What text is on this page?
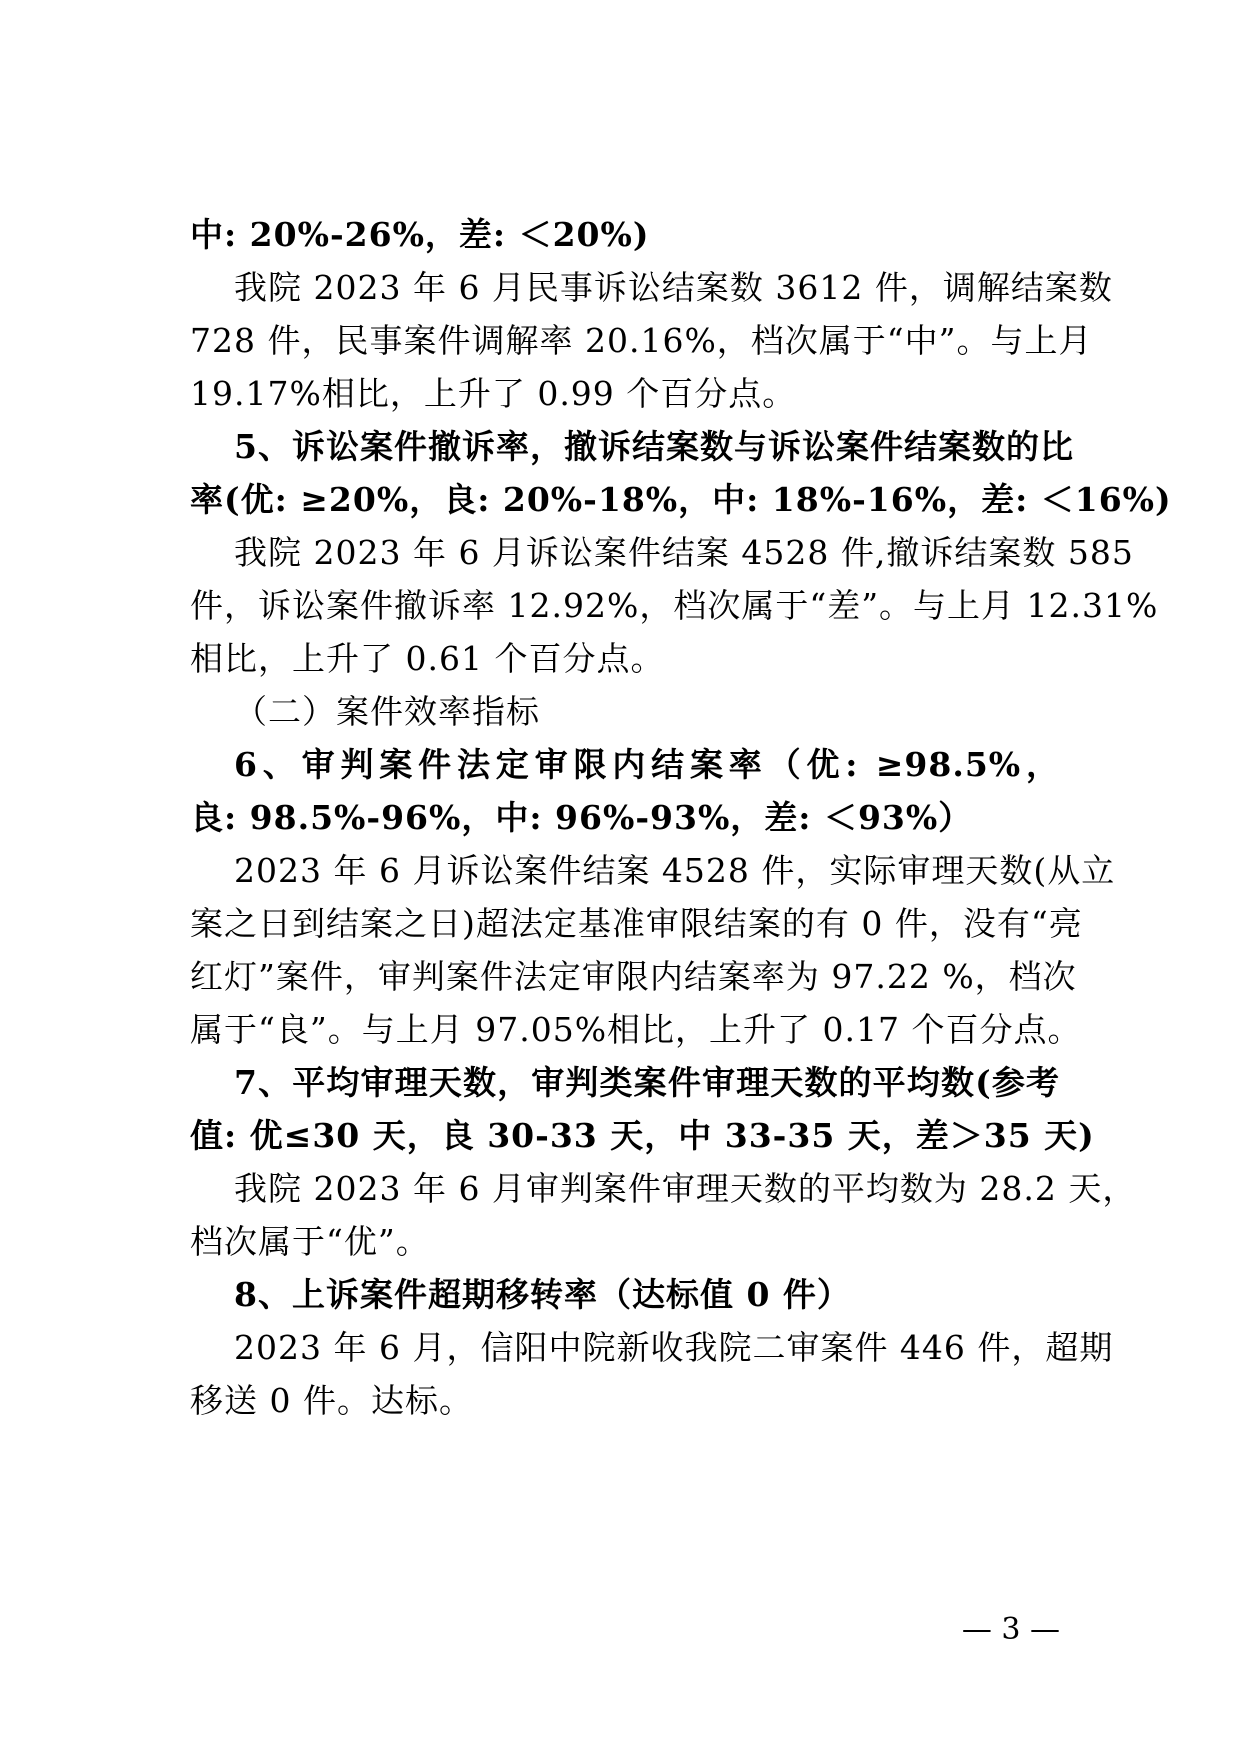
中: 20%-26%，差: ＜20%)
我院 2023 年 6 月民事诉讼结案数 3612 件，调解结案数
728 件，民事案件调解率 20.16%，档次属于“中”。与上月
19.17%相比，上升了 0.99 个百分点。
5、诉讼案件撤诉率，撤诉结案数与诉讼案件结案数的比
率(优: ≥20%，良: 20%-18%，中: 18%-16%，差: ＜16%)
我院 2023 年 6 月诉讼案件结案 4528 件,撤诉结案数 585
件，诉讼案件撤诉率 12.92%，档次属于“差”。与上月 12.31%
相比，上升了 0.61 个百分点。
（二）案件效率指标
6、审判案件法定审限内结案率（优: ≥98.5%，
良: 98.5%-96%，中: 96%-93%，差: ＜93%）
2023 年 6 月诉讼案件结案 4528 件，实际审理天数(从立
案之日到结案之日)超法定基准审限结案的有 0 件，没有“亮
红灯”案件，审判案件法定审限内结案率为 97.22 %，档次
属于“良”。与上月 97.05%相比，上升了 0.17 个百分点。
7、平均审理天数，审判类案件审理天数的平均数(参考
值: 优≤30 天，良 30-33 天，中 33-35 天，差＞35 天)
我院 2023 年 6 月审判案件审理天数的平均数为 28.2 天，
档次属于“优”。
8、上诉案件超期移转率（达标值 0 件）
2023 年 6 月，信阳中院新收我院二审案件 446 件，超期
移送 0 件。达标。
— 3 —
